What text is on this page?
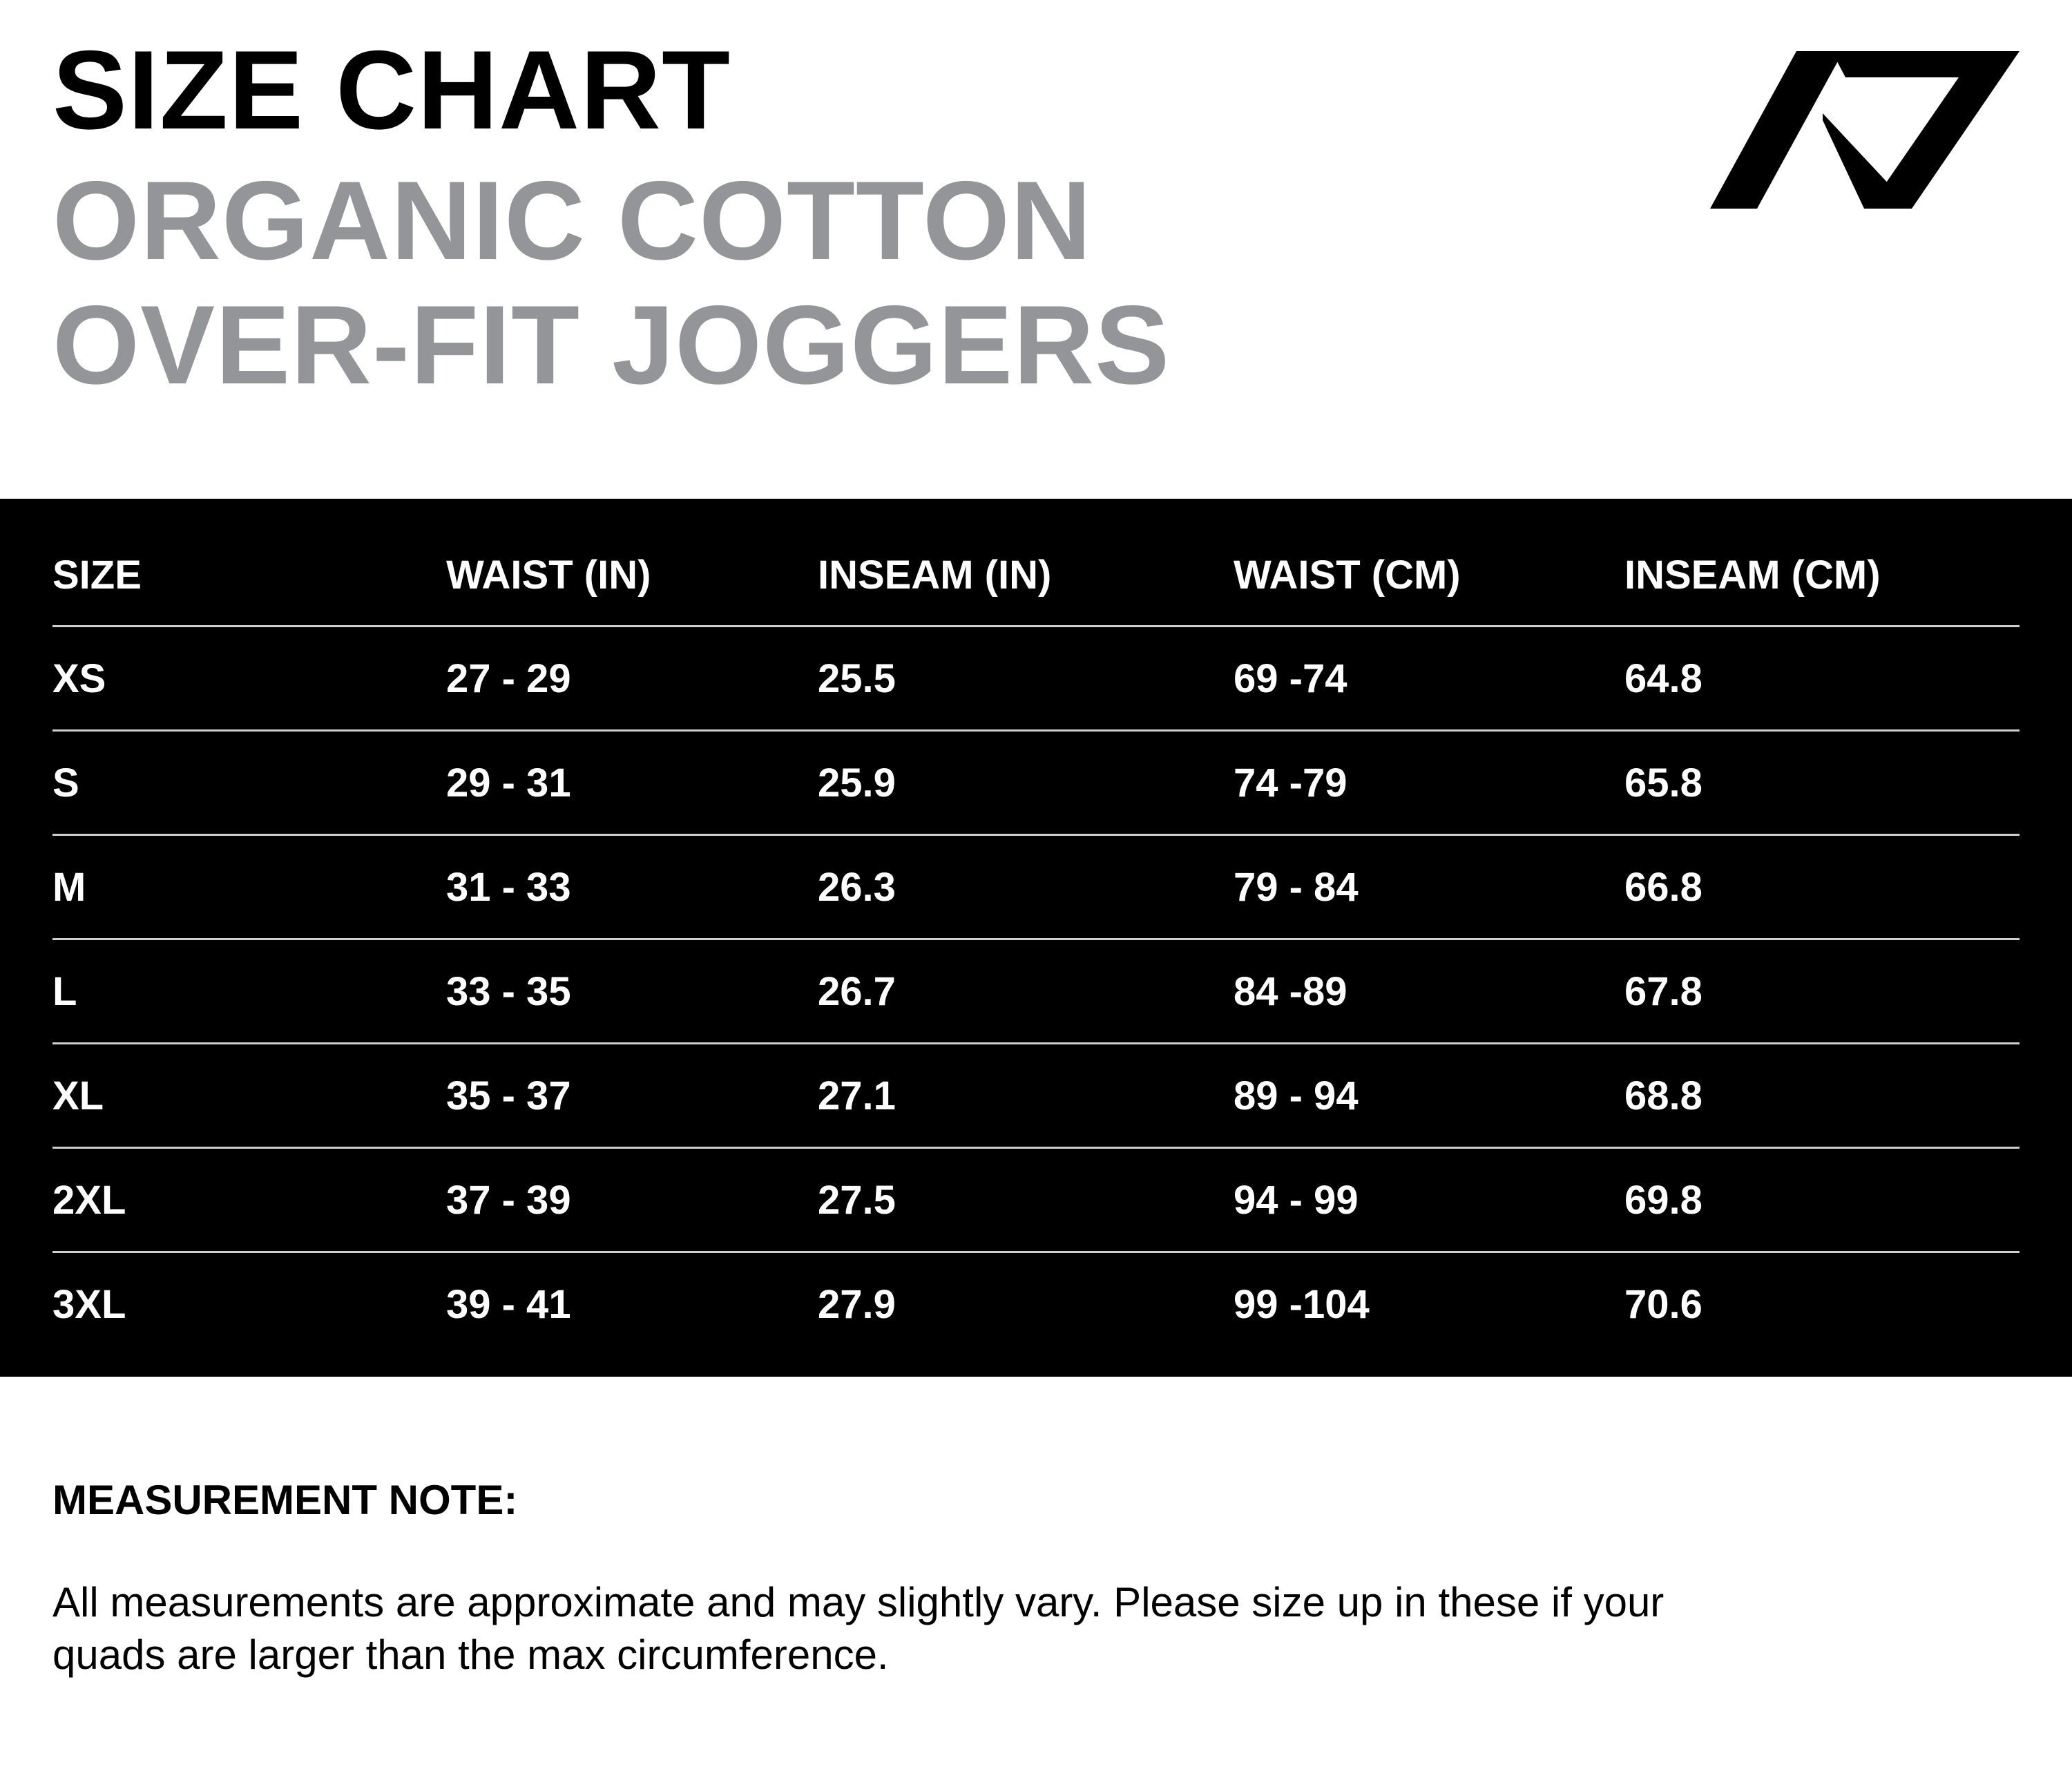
SIZE CHART
ORGANIC COTTON
OVER-FIT JOGGERS
SIZE	WAIST (IN)	INSEAM (IN)	WAIST (CM)	INSEAM (CM)
XS	27 - 29	25.5	69 -74	64.8
S	29 - 31	25.9	74 -79	65.8
M	31 - 33	26.3	79 - 84	66.8
L	33 - 35	26.7	84 -89	67.8
XL	35 - 37	27.1	89 - 94	68.8
2XL	37 - 39	27.5	94 - 99	69.8
3XL	39 - 41	27.9	99 -104	70.6
MEASUREMENT NOTE:

All measurements are approximate and may slightly vary. Please size up in these if your
quads are larger than the max circumference.
